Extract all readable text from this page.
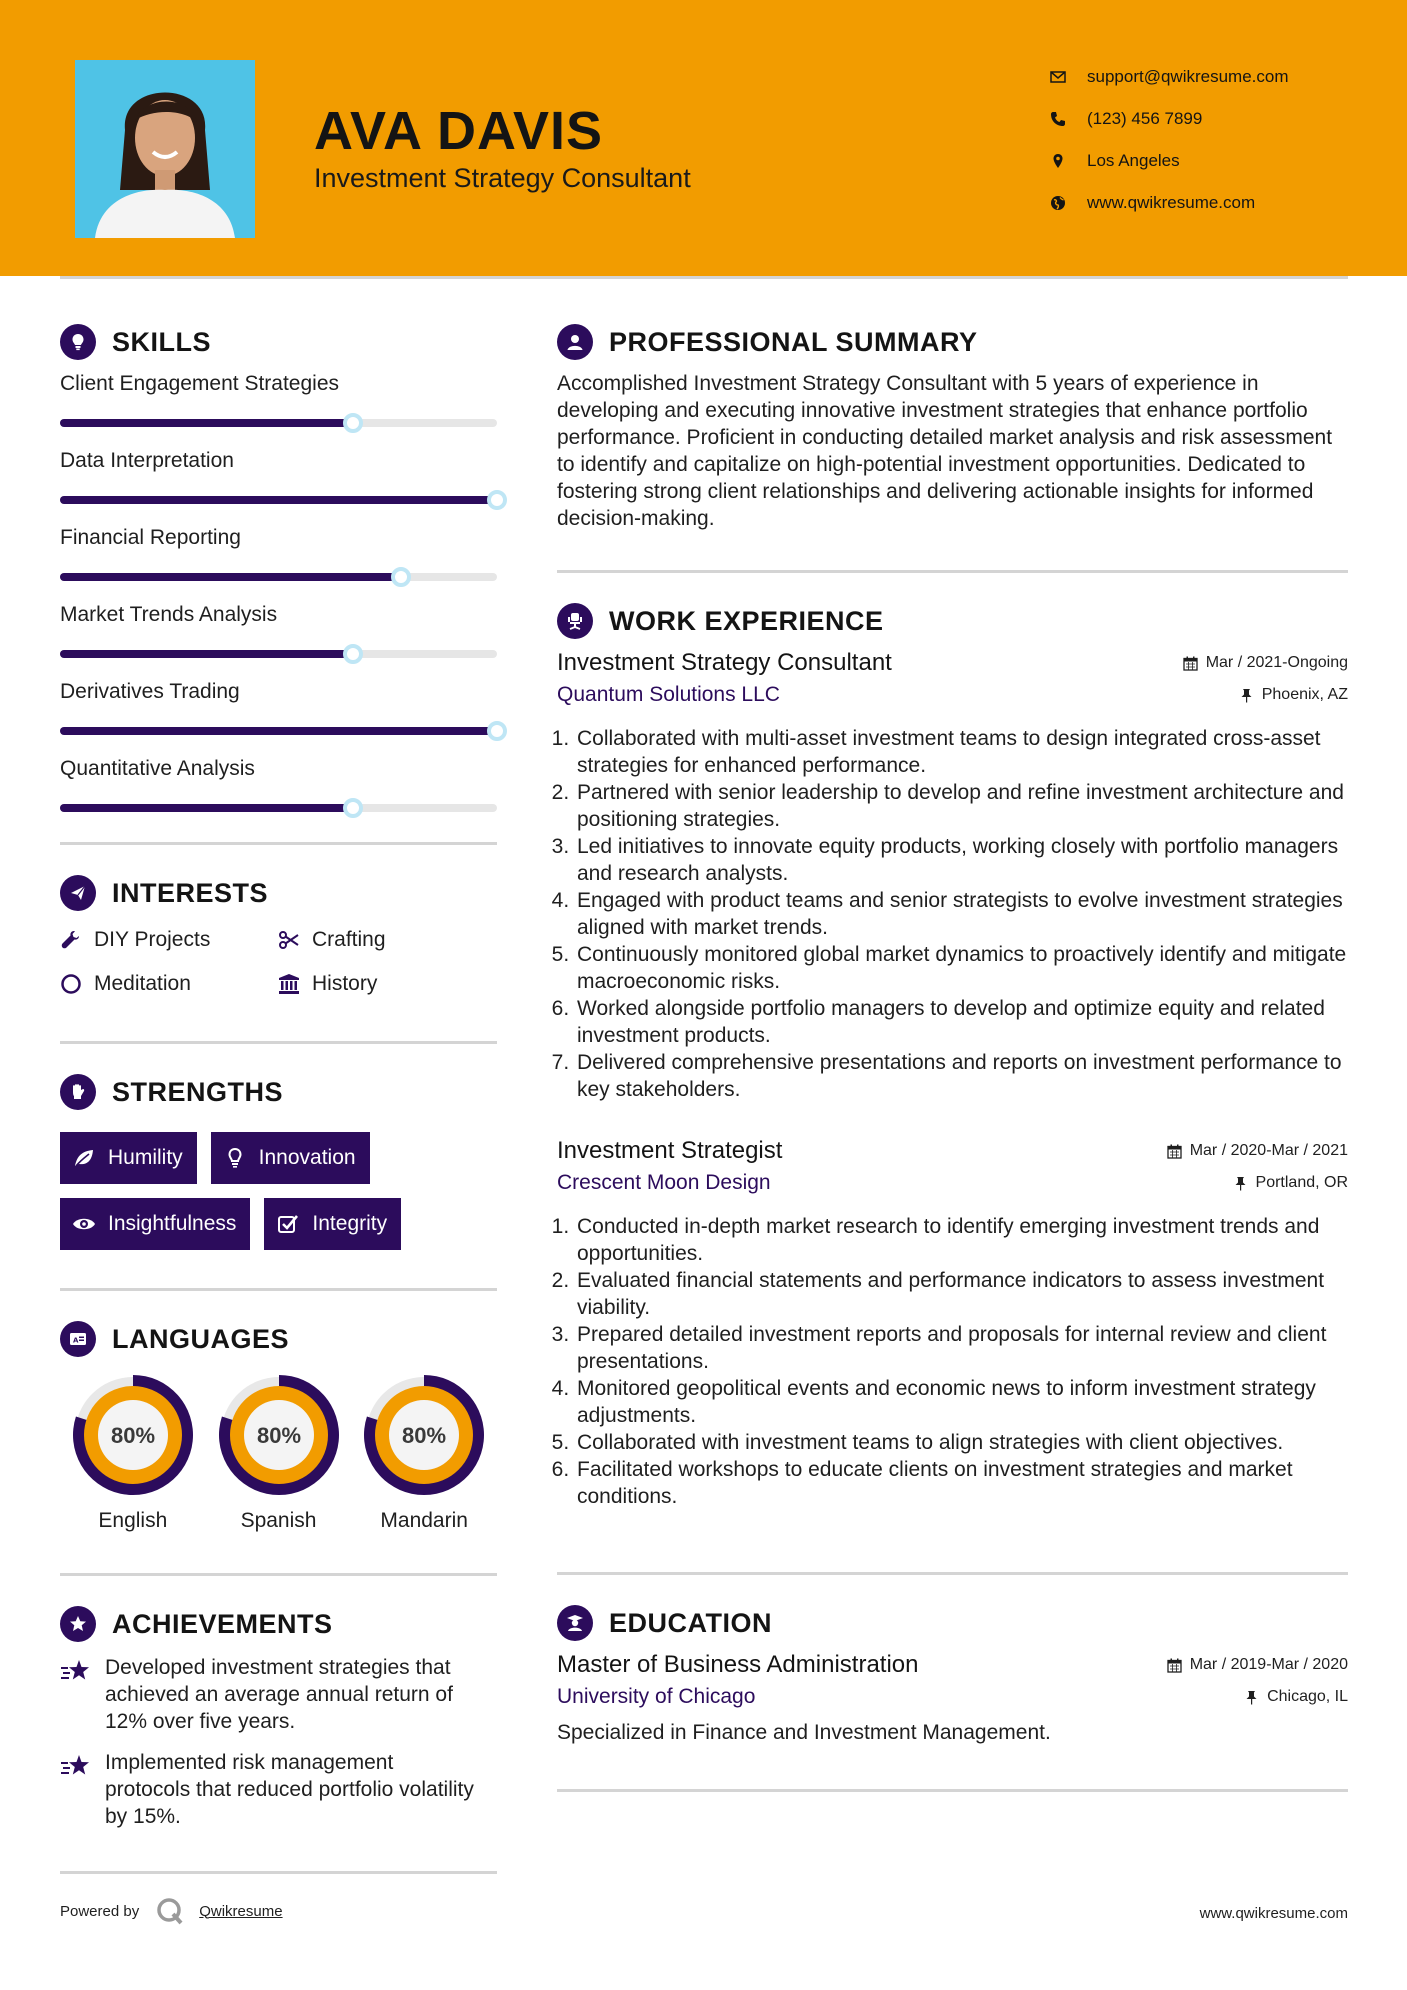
AVA DAVIS
Investment Strategy Consultant
support@qwikresume.com
(123) 456 7899
Los Angeles
www.qwikresume.com
SKILLS
Client Engagement Strategies
Data Interpretation
Financial Reporting
Market Trends Analysis
Derivatives Trading
Quantitative Analysis
INTERESTS
DIY Projects	Crafting
Meditation	History
STRENGTHS
Humility	Innovation
Insightfulness	Integrity
A LANGUAGES
80%
English
80%
Spanish
80%
Mandarin
ACHIEVEMENTS
Developed investment strategies that achieved an average annual return of 12% over five years.
Implemented risk management protocols that reduced portfolio volatility by 15%.
PROFESSIONAL SUMMARY
Accomplished Investment Strategy Consultant with 5 years of experience in developing and executing innovative investment strategies that enhance portfolio performance. Proficient in conducting detailed market analysis and risk assessment to identify and capitalize on high-potential investment opportunities. Dedicated to fostering strong client relationships and delivering actionable insights for informed decision-making.
WORK EXPERIENCE
Investment Strategy Consultant	Mar / 2021-Ongoing
Quantum Solutions LLC	Phoenix, AZ
1. Collaborated with multi-asset investment teams to design integrated cross-asset strategies for enhanced performance.
2. Partnered with senior leadership to develop and refine investment architecture and positioning strategies.
3. Led initiatives to innovate equity products, working closely with portfolio managers and research analysts.
4. Engaged with product teams and senior strategists to evolve investment strategies aligned with market trends.
5. Continuously monitored global market dynamics to proactively identify and mitigate macroeconomic risks.
6. Worked alongside portfolio managers to develop and optimize equity and related investment products.
7. Delivered comprehensive presentations and reports on investment performance to key stakeholders.
Investment Strategist	Mar / 2020-Mar / 2021
Crescent Moon Design	Portland, OR
1. Conducted in-depth market research to identify emerging investment trends and opportunities.
2. Evaluated financial statements and performance indicators to assess investment viability.
3. Prepared detailed investment reports and proposals for internal review and client presentations.
4. Monitored geopolitical events and economic news to inform investment strategy adjustments.
5. Collaborated with investment teams to align strategies with client objectives.
6. Facilitated workshops to educate clients on investment strategies and market conditions.
EDUCATION
Master of Business Administration	Mar / 2019-Mar / 2020
University of Chicago	Chicago, IL
Specialized in Finance and Investment Management.
Powered by	Qwikresume	www.qwikresume.com
